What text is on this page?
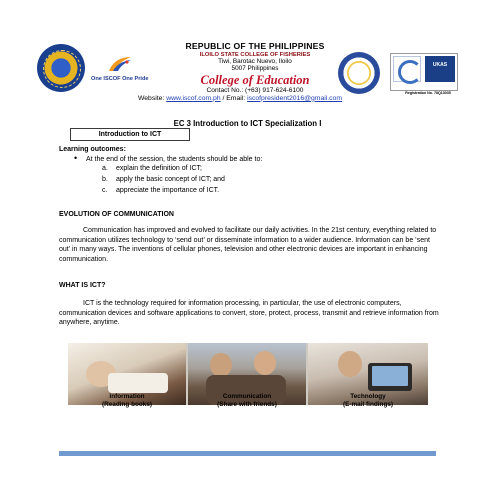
REPUBLIC OF THE PHILIPPINES
ILOILO STATE COLLEGE OF FISHERIES
Tiwi, Barotac Nuevo, Iloilo
5007 Philippines
College of Education
Contact No.: (+63) 917-624-6100
Website: www.iscof.com.ph / Email: iscofpresident2016@gmail.com
One ISCOF One Pride
UKAS
Registration No. 78Q13035
EC 3 Introduction to ICT Specialization I
Introduction to ICT
Learning outcomes:
• At the end of the session, the students should be able to:
a. explain the definition of ICT;
b. apply the basic concept of ICT; and
c. appreciate the importance of ICT.
EVOLUTION OF COMMUNICATION
Communication has improved and evolved to facilitate our daily activities. In the 21st century, everything related to communication utilizes technology to ‘send out’ or disseminate information to a wider audience. Information can be ‘sent out’ in many ways. The inventions of cellular phones, television and other electronic devices are important in enhancing communication.
WHAT IS ICT?
ICT is the technology required for information processing, in particular, the use of electronic computers, communication devices and software applications to convert, store, protect, process, transmit and retrieve information from anywhere, anytime.
Information
(Reading books)
Communication
(Share with friends)
Technology
(E-mail findings)
